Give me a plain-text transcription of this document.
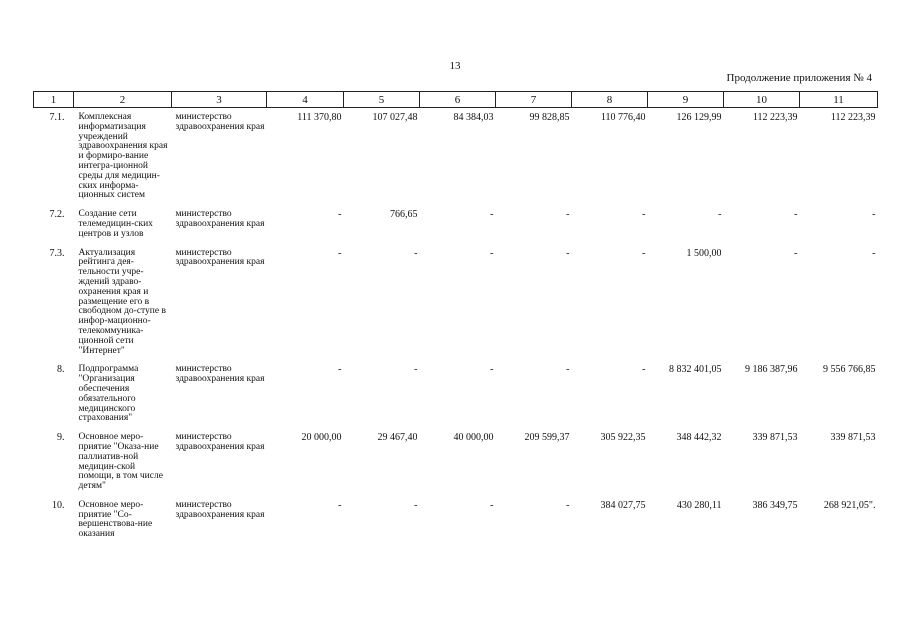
13
Продолжение приложения № 4
1	2	3	4	5	6	7	8	9	10	11
7.1.	Комплексная информатизация учреждений здравоохранения края и формиро-вание интегра-ционной среды для медицин-ских информа-ционных систем	министерство здравоохранения края	111 370,80	107 027,48	84 384,03	99 828,85	110 776,40	126 129,99	112 223,39	112 223,39
7.2.	Создание сети телемедицин-ских центров и узлов	министерство здравоохранения края	-	766,65	-	-	-	-	-	-
7.3.	Актуализация рейтинга дея-тельности учре-ждений здраво-охранения края и размещение его в свободном до-ступе в инфор-мационно-телекоммуника-ционной сети "Интернет"	министерство здравоохранения края	-	-	-	-	-	1 500,00	-	-
8.	Подпрограмма "Организация обеспечения обязательного медицинского страхования"	министерство здравоохранения края	-	-	-	-	-	8 832 401,05	9 186 387,96	9 556 766,85
9.	Основное меро-приятие "Оказа-ние паллиатив-ной медицин-ской помощи, в том числе детям"	министерство здравоохранения края	20 000,00	29 467,40	40 000,00	209 599,37	305 922,35	348 442,32	339 871,53	339 871,53
10.	Основное меро-приятие "Со-вершенствова-ние оказания	министерство здравоохранения края	-	-	-	-	384 027,75	430 280,11	386 349,75	268 921,05".
